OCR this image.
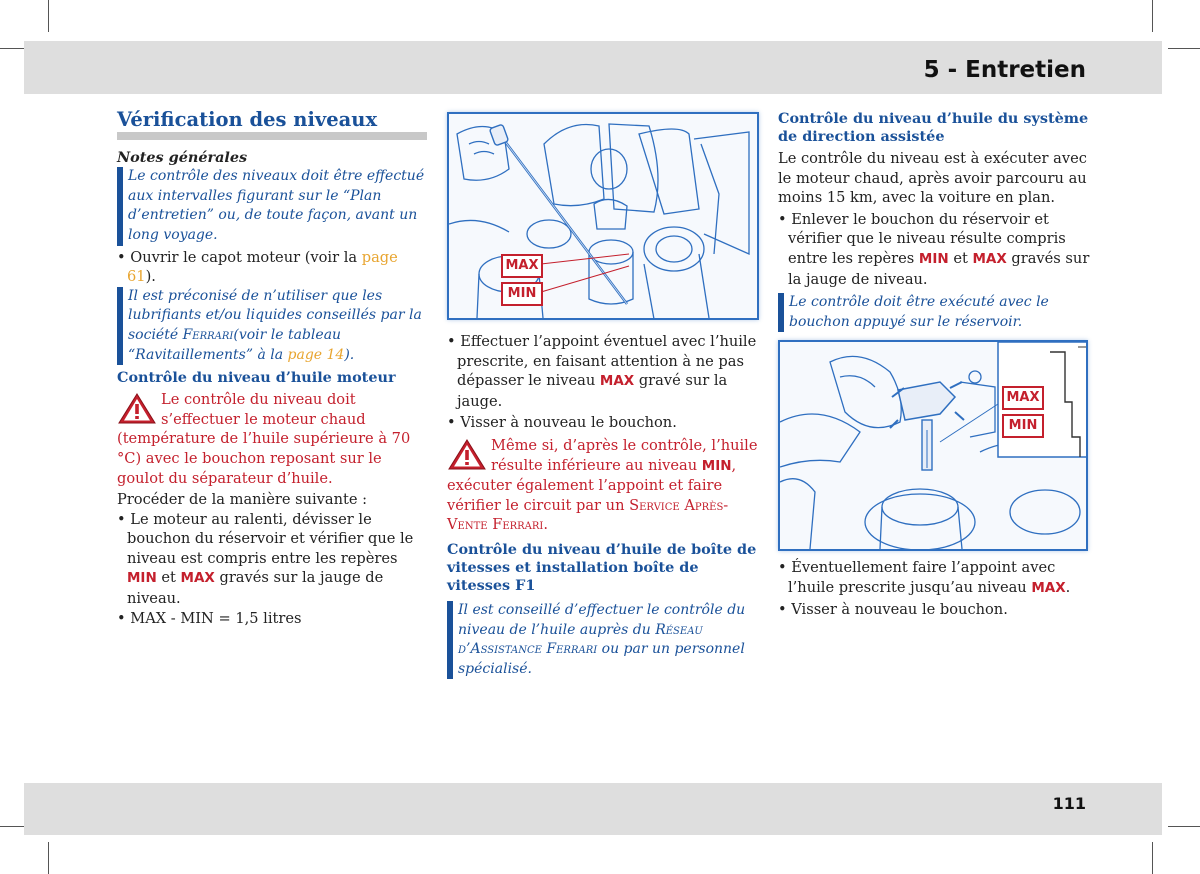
5 - Entretien
Vérification des niveaux
Notes générales
Le contrôle des niveaux doit être effectué aux intervalles figurant sur le “Plan d’entretien” ou, de toute façon, avant un long voyage.

• Ouvrir le capot moteur (voir la page 61).

Il est préconisé de n’utiliser que les lubrifiants et/ou liquides conseillés par la société Ferrari(voir le tableau “Ravitaillements” à la page 14).
Contrôle du niveau d’huile moteur
Le contrôle du niveau doit s’effectuer le moteur chaud (température de l’huile supérieure à 70 °C) avec le bouchon reposant sur le goulot du séparateur d’huile.

Procéder de la manière suivante :

• Le moteur au ralenti, dévisser le bouchon du réservoir et vérifier que le niveau est compris entre les repères MIN et MAX gravés sur la jauge de niveau.

• MAX - MIN = 1,5 litres

MAX
MIN

• Effectuer l’appoint éventuel avec l’huile prescrite, en faisant attention à ne pas dépasser le niveau MAX gravé sur la jauge.

• Visser à nouveau le bouchon.

Même si, d’après le contrôle, l’huile résulte inférieure au niveau MIN, exécuter également l’appoint et faire vérifier le circuit par un Service Après-Vente Ferrari.
Contrôle du niveau d’huile de boîte de vitesses et installation boîte de vitesses F1
Il est conseillé d’effectuer le contrôle du niveau de l’huile auprès du Réseau d’Assistance Ferrari ou par un personnel spécialisé.
Contrôle du niveau d’huile du système de direction assistée

Le contrôle du niveau est à exécuter avec le moteur chaud, après avoir parcouru au moins 15 km, avec la voiture en plan.

• Enlever le bouchon du réservoir et vérifier que le niveau résulte compris entre les repères MIN et MAX gravés sur la jauge de niveau.

Le contrôle doit être exécuté avec le bouchon appuyé sur le réservoir.
MAX
MIN

• Éventuellement faire l’appoint avec l’huile prescrite jusqu’au niveau MAX.

• Visser à nouveau le bouchon.

111
